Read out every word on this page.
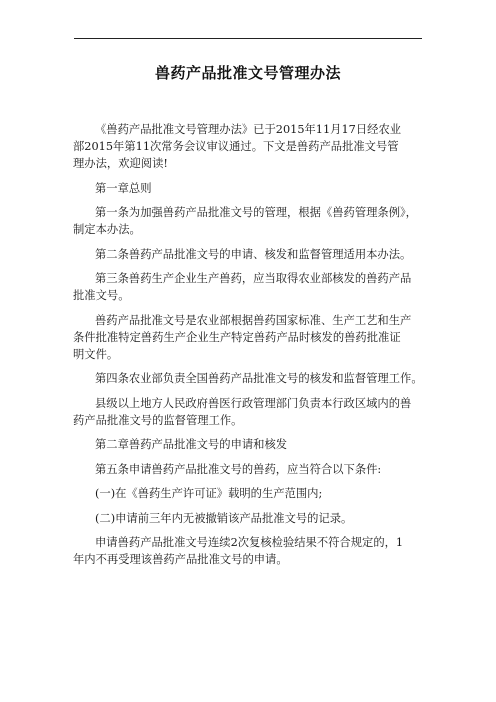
兽药产品批准文号管理办法
《兽药产品批准文号管理办法》已于2015年11月17日经农业
部2015年第11次常务会议审议通过。下文是兽药产品批准文号管
理办法，欢迎阅读!
第一章总则
第一条为加强兽药产品批准文号的管理，根据《兽药管理条例》，
制定本办法。
第二条兽药产品批准文号的申请、核发和监督管理适用本办法。
第三条兽药生产企业生产兽药，应当取得农业部核发的兽药产品
批准文号。
兽药产品批准文号是农业部根据兽药国家标准、生产工艺和生产
条件批准特定兽药生产企业生产特定兽药产品时核发的兽药批准证
明文件。
第四条农业部负责全国兽药产品批准文号的核发和监督管理工作。
县级以上地方人民政府兽医行政管理部门负责本行政区域内的兽
药产品批准文号的监督管理工作。
第二章兽药产品批准文号的申请和核发
第五条申请兽药产品批准文号的兽药，应当符合以下条件:
(一)在《兽药生产许可证》载明的生产范围内;
(二)申请前三年内无被撤销该产品批准文号的记录。
申请兽药产品批准文号连续2次复核检验结果不符合规定的，1
年内不再受理该兽药产品批准文号的申请。
